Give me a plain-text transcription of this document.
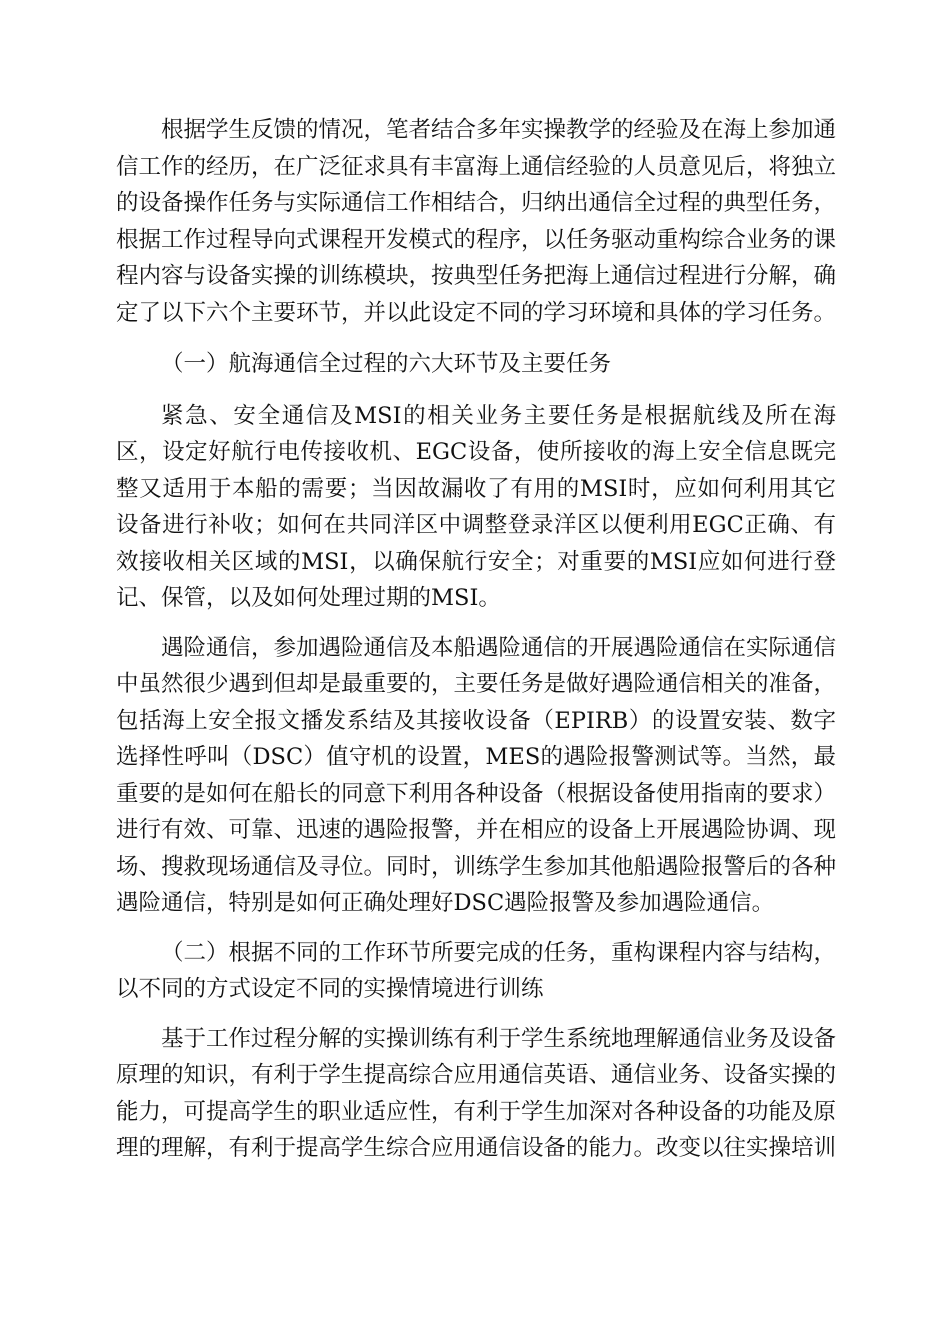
根据学生反馈的情况，笔者结合多年实操教学的经验及在海上参加通信工作的经历，在广泛征求具有丰富海上通信经验的人员意见后，将独立的设备操作任务与实际通信工作相结合，归纳出通信全过程的典型任务，根据工作过程导向式课程开发模式的程序，以任务驱动重构综合业务的课程内容与设备实操的训练模块，按典型任务把海上通信过程进行分解，确定了以下六个主要环节，并以此设定不同的学习环境和具体的学习任务。

（一）航海通信全过程的六大环节及主要任务

紧急、安全通信及MSI的相关业务主要任务是根据航线及所在海区，设定好航行电传接收机、EGC设备，使所接收的海上安全信息既完整又适用于本船的需要；当因故漏收了有用的MSI时，应如何利用其它设备进行补收；如何在共同洋区中调整登录洋区以便利用EGC正确、有效接收相关区域的MSI，以确保航行安全；对重要的MSI应如何进行登记、保管，以及如何处理过期的MSI。

遇险通信，参加遇险通信及本船遇险通信的开展遇险通信在实际通信中虽然很少遇到但却是最重要的，主要任务是做好遇险通信相关的准备，包括海上安全报文播发系结及其接收设备（EPIRB）的设置安装、数字选择性呼叫（DSC）值守机的设置，MES的遇险报警测试等。当然，最重要的是如何在船长的同意下利用各种设备（根据设备使用指南的要求）进行有效、可靠、迅速的遇险报警，并在相应的设备上开展遇险协调、现场、搜救现场通信及寻位。同时，训练学生参加其他船遇险报警后的各种遇险通信，特别是如何正确处理好DSC遇险报警及参加遇险通信。

（二）根据不同的工作环节所要完成的任务，重构课程内容与结构，以不同的方式设定不同的实操情境进行训练

基于工作过程分解的实操训练有利于学生系统地理解通信业务及设备原理的知识，有利于学生提高综合应用通信英语、通信业务、设备实操的能力，可提高学生的职业适应性，有利于学生加深对各种设备的功能及原理的理解，有利于提高学生综合应用通信设备的能力。改变以往实操培训
